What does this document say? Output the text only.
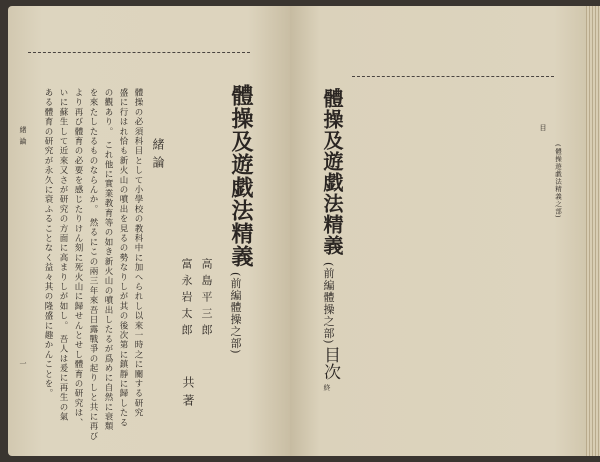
體操及遊戯法精義
(前編體操之部)
高 島 平 三 郎
富 永 岩 太 郎
共 著
緒 論
體操の必須科目として小學校の教科中に加へられし以來一時之に關する研究
盛に行はれ恰も新火山の噴出を見るの勢なりしが其の後次第に鎮靜に歸したる
の觀あり。 これ他に實業教育等の如き新火山の噴出したるが爲めに自然に衰頽
を來たしたるものならんか。 然るにこの兩三年來吾日露戰爭の起りしと共に再び
より再び體育の必要を感じたりけん刻に死火山に歸せんとせし體育の研究は、
いに蘇生して近來又さが研究の方面に高まりしが如し。 吾人は爰に再生の氣
ある體育の研究が永久に衰ふることなく益々其の隆盛に趣かんことを。
緒 論
一
體操及遊戯法精義
(前編體操之部)
目次
終
目
(體操遊戯法精義之部)
